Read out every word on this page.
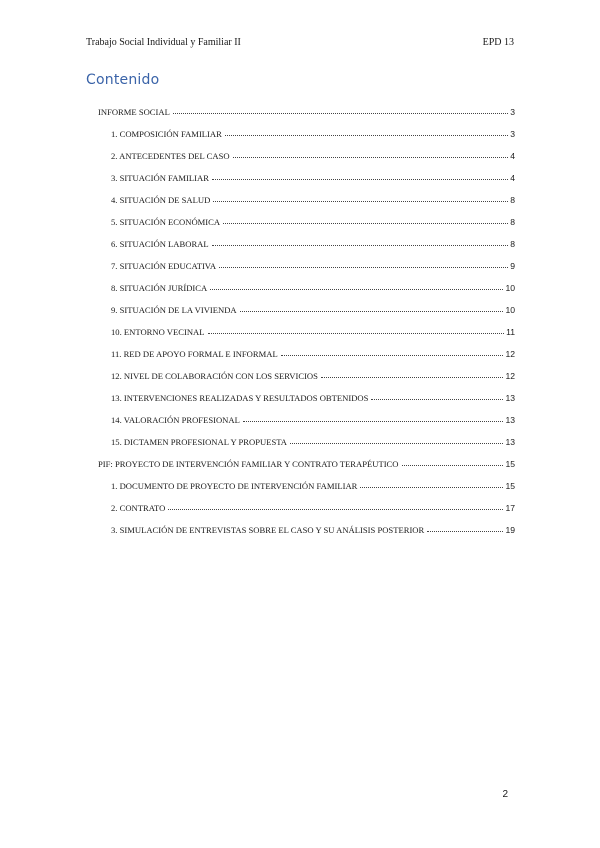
Trabajo Social Individual y Familiar II	EPD 13
Contenido
INFORME SOCIAL	3
1. COMPOSICIÓN FAMILIAR	3
2. ANTECEDENTES DEL CASO	4
3. SITUACIÓN FAMILIAR	4
4. SITUACIÓN DE SALUD	8
5. SITUACIÓN ECONÓMICA	8
6. SITUACIÓN LABORAL	8
7. SITUACIÓN EDUCATIVA	9
8. SITUACIÓN JURÍDICA	10
9. SITUACIÓN DE LA VIVIENDA	10
10. ENTORNO VECINAL	11
11. RED DE APOYO FORMAL E INFORMAL	12
12. NIVEL DE COLABORACIÓN CON LOS SERVICIOS	12
13. INTERVENCIONES REALIZADAS Y RESULTADOS OBTENIDOS	13
14. VALORACIÓN PROFESIONAL	13
15. DICTAMEN PROFESIONAL Y PROPUESTA	13
PIF: PROYECTO DE INTERVENCIÓN FAMILIAR Y CONTRATO TERAPÉUTICO	15
1. DOCUMENTO DE PROYECTO DE INTERVENCIÓN FAMILIAR	15
2. CONTRATO	17
3. SIMULACIÓN DE ENTREVISTAS SOBRE EL CASO Y SU ANÁLISIS POSTERIOR	19
2
